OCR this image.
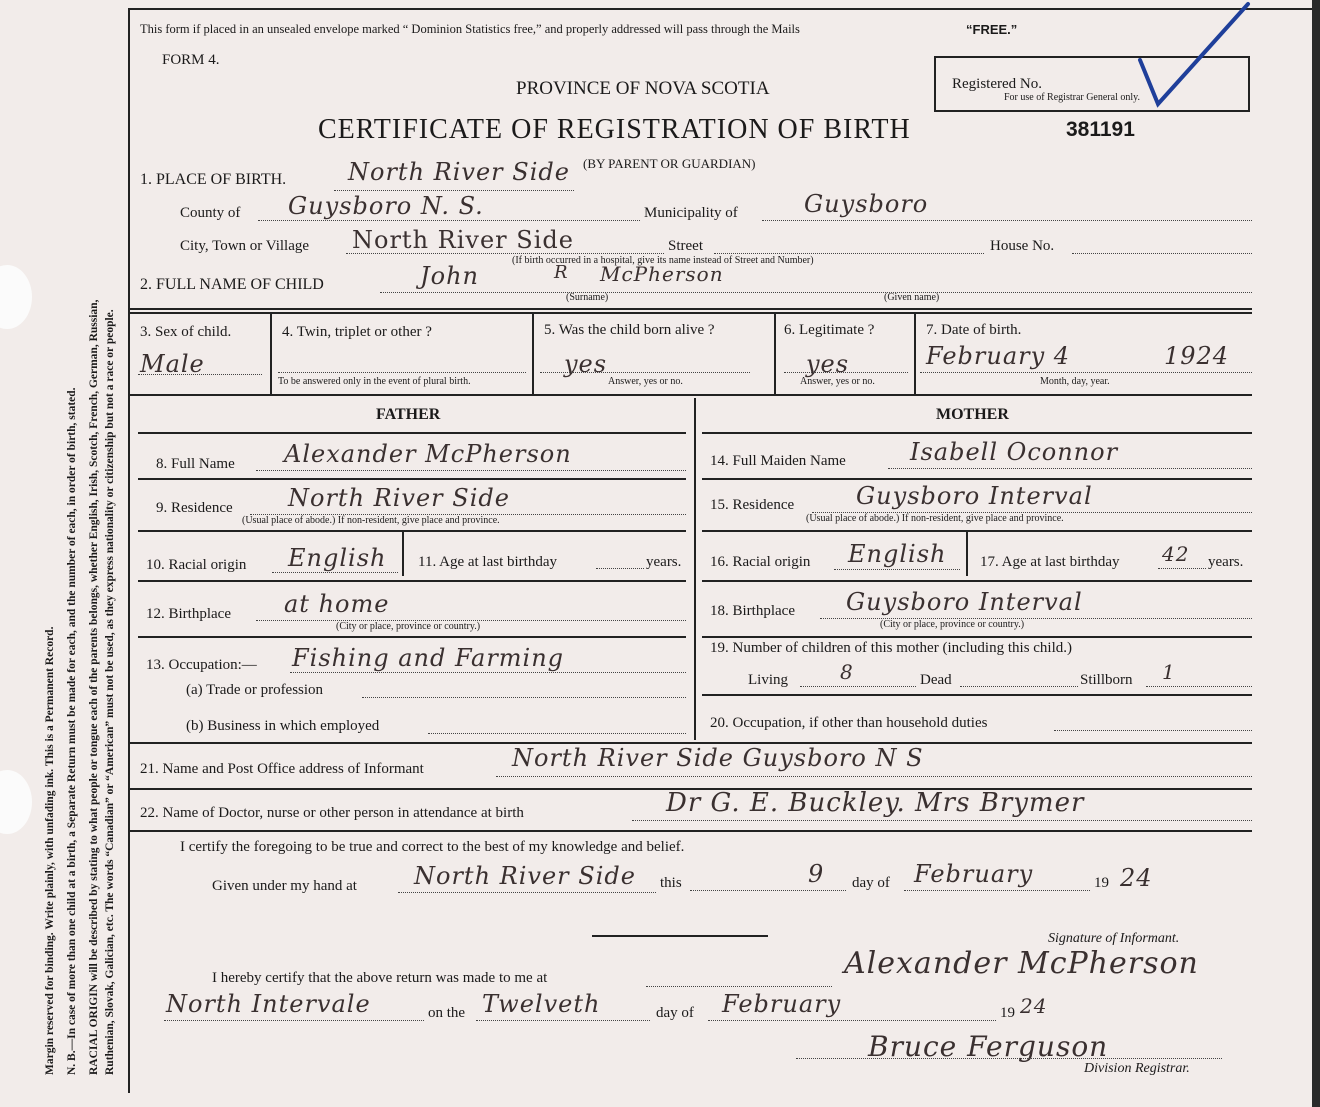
Margin reserved for binding. Write plainly, with unfading ink. This is a Permanent Record. N. B.—In case of more than one child at a birth, a Separate Return must be made for each, and the number of each, in order of birth, stated. RACIAL ORIGIN will be described by stating to what people or tongue each of the parents belongs, whether English, Irish, Scotch, French, German, Russian, Ruthenian, Slovak, Galician, etc. The words “Canadian” or “American” must not be used, as they express nationality or citizenship but not a race or people.
This form if placed in an unsealed envelope marked “ Dominion Statistics free,” and properly addressed will pass through the Mails	“FREE.”
FORM 4.
PROVINCE OF NOVA SCOTIA
CERTIFICATE OF REGISTRATION OF BIRTH	381191
Registered No.
For use of Registrar General only.
1. PLACE OF BIRTH.	North River Side (BY PARENT OR GUARDIAN)
County of Guysboro N. S.	Municipality of	Guysboro
City, Town or Village North River Side	Street	House No.
(If birth occurred in a hospital, give its name instead of Street and Number)
2. FULL NAME OF CHILD	John	R McPherson
(Surname)	(Given name)
3. Sex of child.
Male
4. Twin, triplet or other ?
To be answered only in the event of plural birth.
5. Was the child born alive ?
yes
Answer, yes or no.
6. Legitimate ?
yes
Answer, yes or no.
7. Date of birth.
February 4	1924
Month, day, year.
FATHER	MOTHER
8. Full Name Alexander McPherson
9. Residence North River Side
(Usual place of abode.) If non-resident, give place and province.
10. Racial origin English 11. Age at last birthday	years.
12. Birthplace at home
(City or place, province or country.)
13. Occupation:— Fishing and Farming
(a) Trade or profession
(b) Business in which employed
14. Full Maiden Name	Isabell Oconnor
15. Residence	Guysboro Interval
(Usual place of abode.) If non-resident, give place and province.
16. Racial origin English 17. Age at last birthday 42 years.
18. Birthplace Guysboro Interval
(City or place, province or country.)
19. Number of children of this mother (including this child.)
Living	8	Dead	Stillborn 1
20. Occupation, if other than household duties
21. Name and Post Office address of Informant	North River Side Guysboro N S
22. Name of Doctor, nurse or other person in attendance at birth	Dr G. E. Buckley. Mrs Brymer
I certify the foregoing to be true and correct to the best of my knowledge and belief.
Given under my hand at North River Side this	9 day of February	19 24
Signature of Informant.
I hereby certify that the above return was made to me at	Alexander McPherson
North Intervale	on the Twelveth	day of February	19 24
Bruce Ferguson
Division Registrar.
